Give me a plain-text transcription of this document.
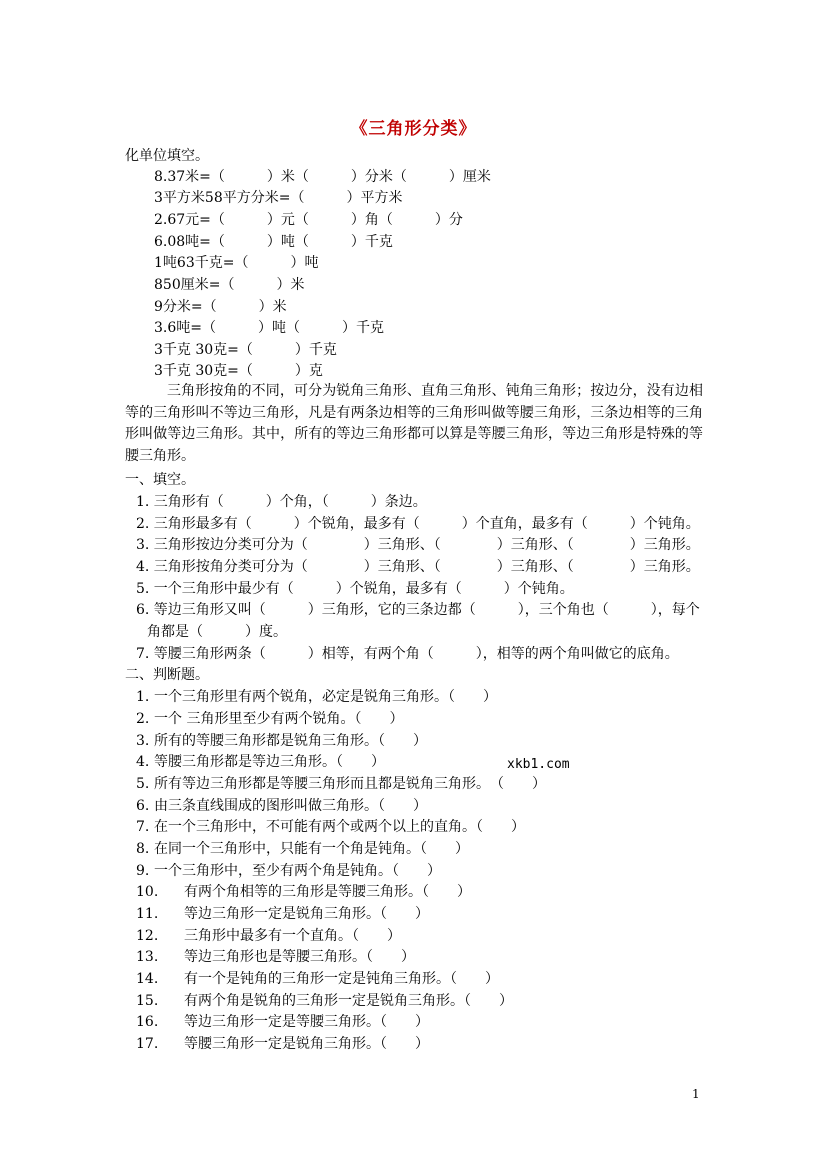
《三角形分类》
化单位填空。
8.37米=（　　　）米（　　　）分米（　　　）厘米
3平方米58平方分米=（　　　）平方米
2.67元=（　　　）元（　　　）角（　　　）分
6.08吨=（　　　）吨（　　　）千克
1吨63千克=（　　　）吨
850厘米=（　　　）米
9分米=（　　　）米
3.6吨=（　　　）吨（　　　）千克
3千克 30克=（　　　）千克
3千克 30克=（　　　）克
三角形按角的不同，可分为锐角三角形、直角三角形、钝角三角形；按边分，没有边相等的三角形叫不等边三角形，凡是有两条边相等的三角形叫做等腰三角形，三条边相等的三角形叫做等边三角形。其中，所有的等边三角形都可以算是等腰三角形，等边三角形是特殊的等腰三角形。
一、填空。
1. 三角形有（　　　）个角，（　　　）条边。
2. 三角形最多有（　　　）个锐角，最多有（　　　）个直角，最多有（　　　）个钝角。
3. 三角形按边分类可分为（　　　　）三角形、（　　　　）三角形、（　　　　）三角形。
4. 三角形按角分类可分为（　　　　）三角形、（　　　　）三角形、（　　　　）三角形。
5. 一个三角形中最少有（　　　）个锐角，最多有（　　　）个钝角。
6. 等边三角形又叫（　　　）三角形，它的三条边都（　　　），三个角也（　　　），每个
角都是（　　　）度。
7. 等腰三角形两条（　　　）相等，有两个角（　　　），相等的两个角叫做它的底角。
二、判断题。
1. 一个三角形里有两个锐角，必定是锐角三角形。（　　）
2. 一个 三角形里至少有两个锐角。（　　）
3. 所有的等腰三角形都是锐角三角形。（　　）
4. 等腰三角形都是等边三角形。（　　）
5. 所有等边三角形都是等腰三角形而且都是锐角三角形。　（　　）
6. 由三条直线围成的图形叫做三角形。（　　）
7. 在一个三角形中，不可能有两个或两个以上的直角。（　　）
8. 在同一个三角形中，只能有一个角是钝角。（　　）
9. 一个三角形中，至少有两个角是钝角。（　　）
10. 有两个角相等的三角形是等腰三角形。（　　）
11. 等边三角形一定是锐角三角形。（　　）
12. 三角形中最多有一个直角。（　　）
13. 等边三角形也是等腰三角形。（　　）
14. 有一个是钝角的三角形一定是钝角三角形。（　　）
15. 有两个角是锐角的三角形一定是锐角三角形。（　　）
16. 等边三角形一定是等腰三角形。（　　）
17. 等腰三角形一定是锐角三角形。（　　）
xkb1.com
1
